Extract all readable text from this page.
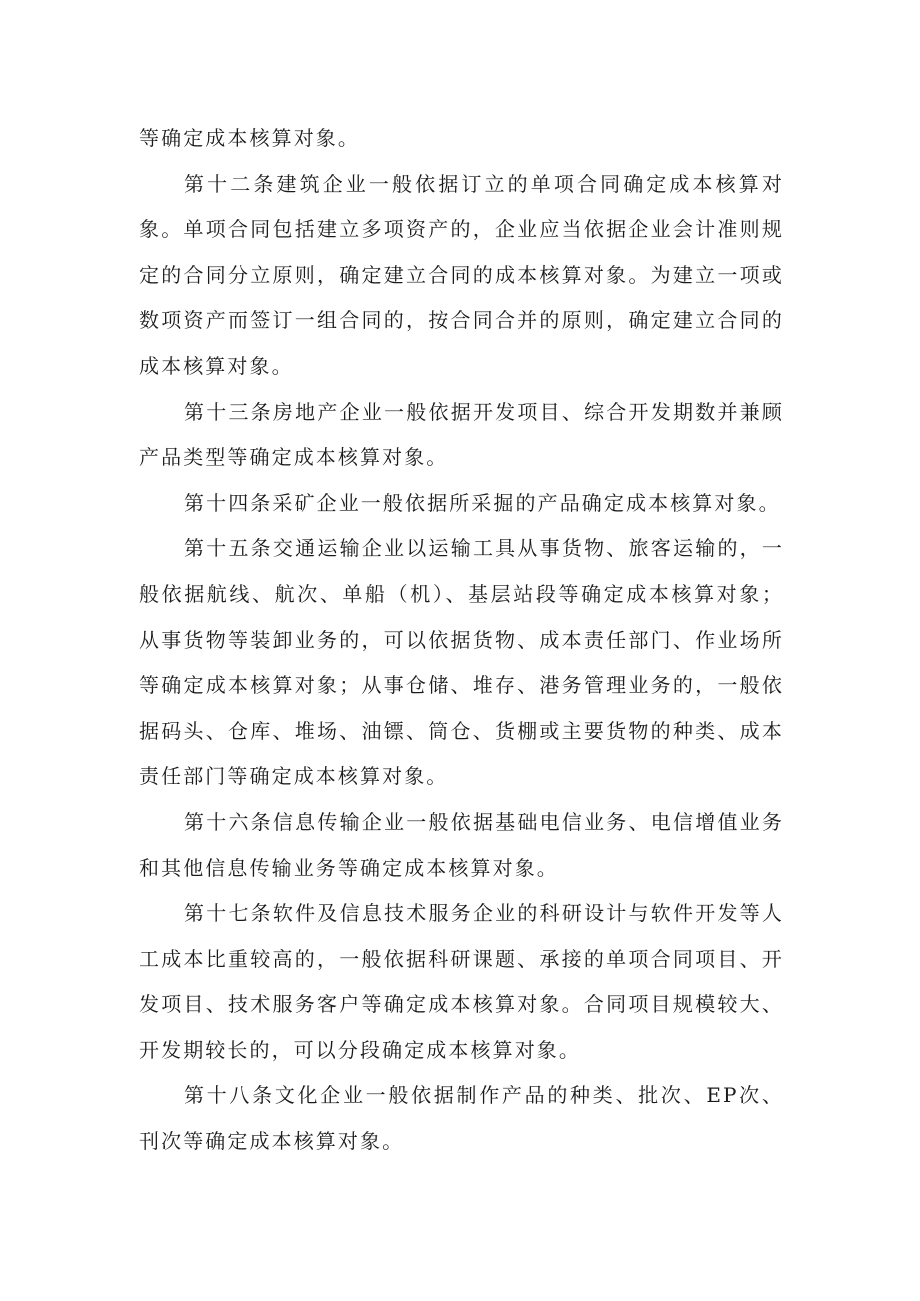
等确定成本核算对象。

第十二条建筑企业一般依据订立的单项合同确定成本核算对象。单项合同包括建立多项资产的，企业应当依据企业会计准则规定的合同分立原则，确定建立合同的成本核算对象。为建立一项或数项资产而签订一组合同的，按合同合并的原则，确定建立合同的成本核算对象。

第十三条房地产企业一般依据开发项目、综合开发期数并兼顾产品类型等确定成本核算对象。

第十四条采矿企业一般依据所采掘的产品确定成本核算对象。

第十五条交通运输企业以运输工具从事货物、旅客运输的，一般依据航线、航次、单船（机）、基层站段等确定成本核算对象；从事货物等装卸业务的，可以依据货物、成本责任部门、作业场所等确定成本核算对象；从事仓储、堆存、港务管理业务的，一般依据码头、仓库、堆场、油镖、筒仓、货棚或主要货物的种类、成本责任部门等确定成本核算对象。

第十六条信息传输企业一般依据基础电信业务、电信增值业务和其他信息传输业务等确定成本核算对象。

第十七条软件及信息技术服务企业的科研设计与软件开发等人工成本比重较高的，一般依据科研课题、承接的单项合同项目、开发项目、技术服务客户等确定成本核算对象。合同项目规模较大、开发期较长的，可以分段确定成本核算对象。

第十八条文化企业一般依据制作产品的种类、批次、EP次、刊次等确定成本核算对象。
